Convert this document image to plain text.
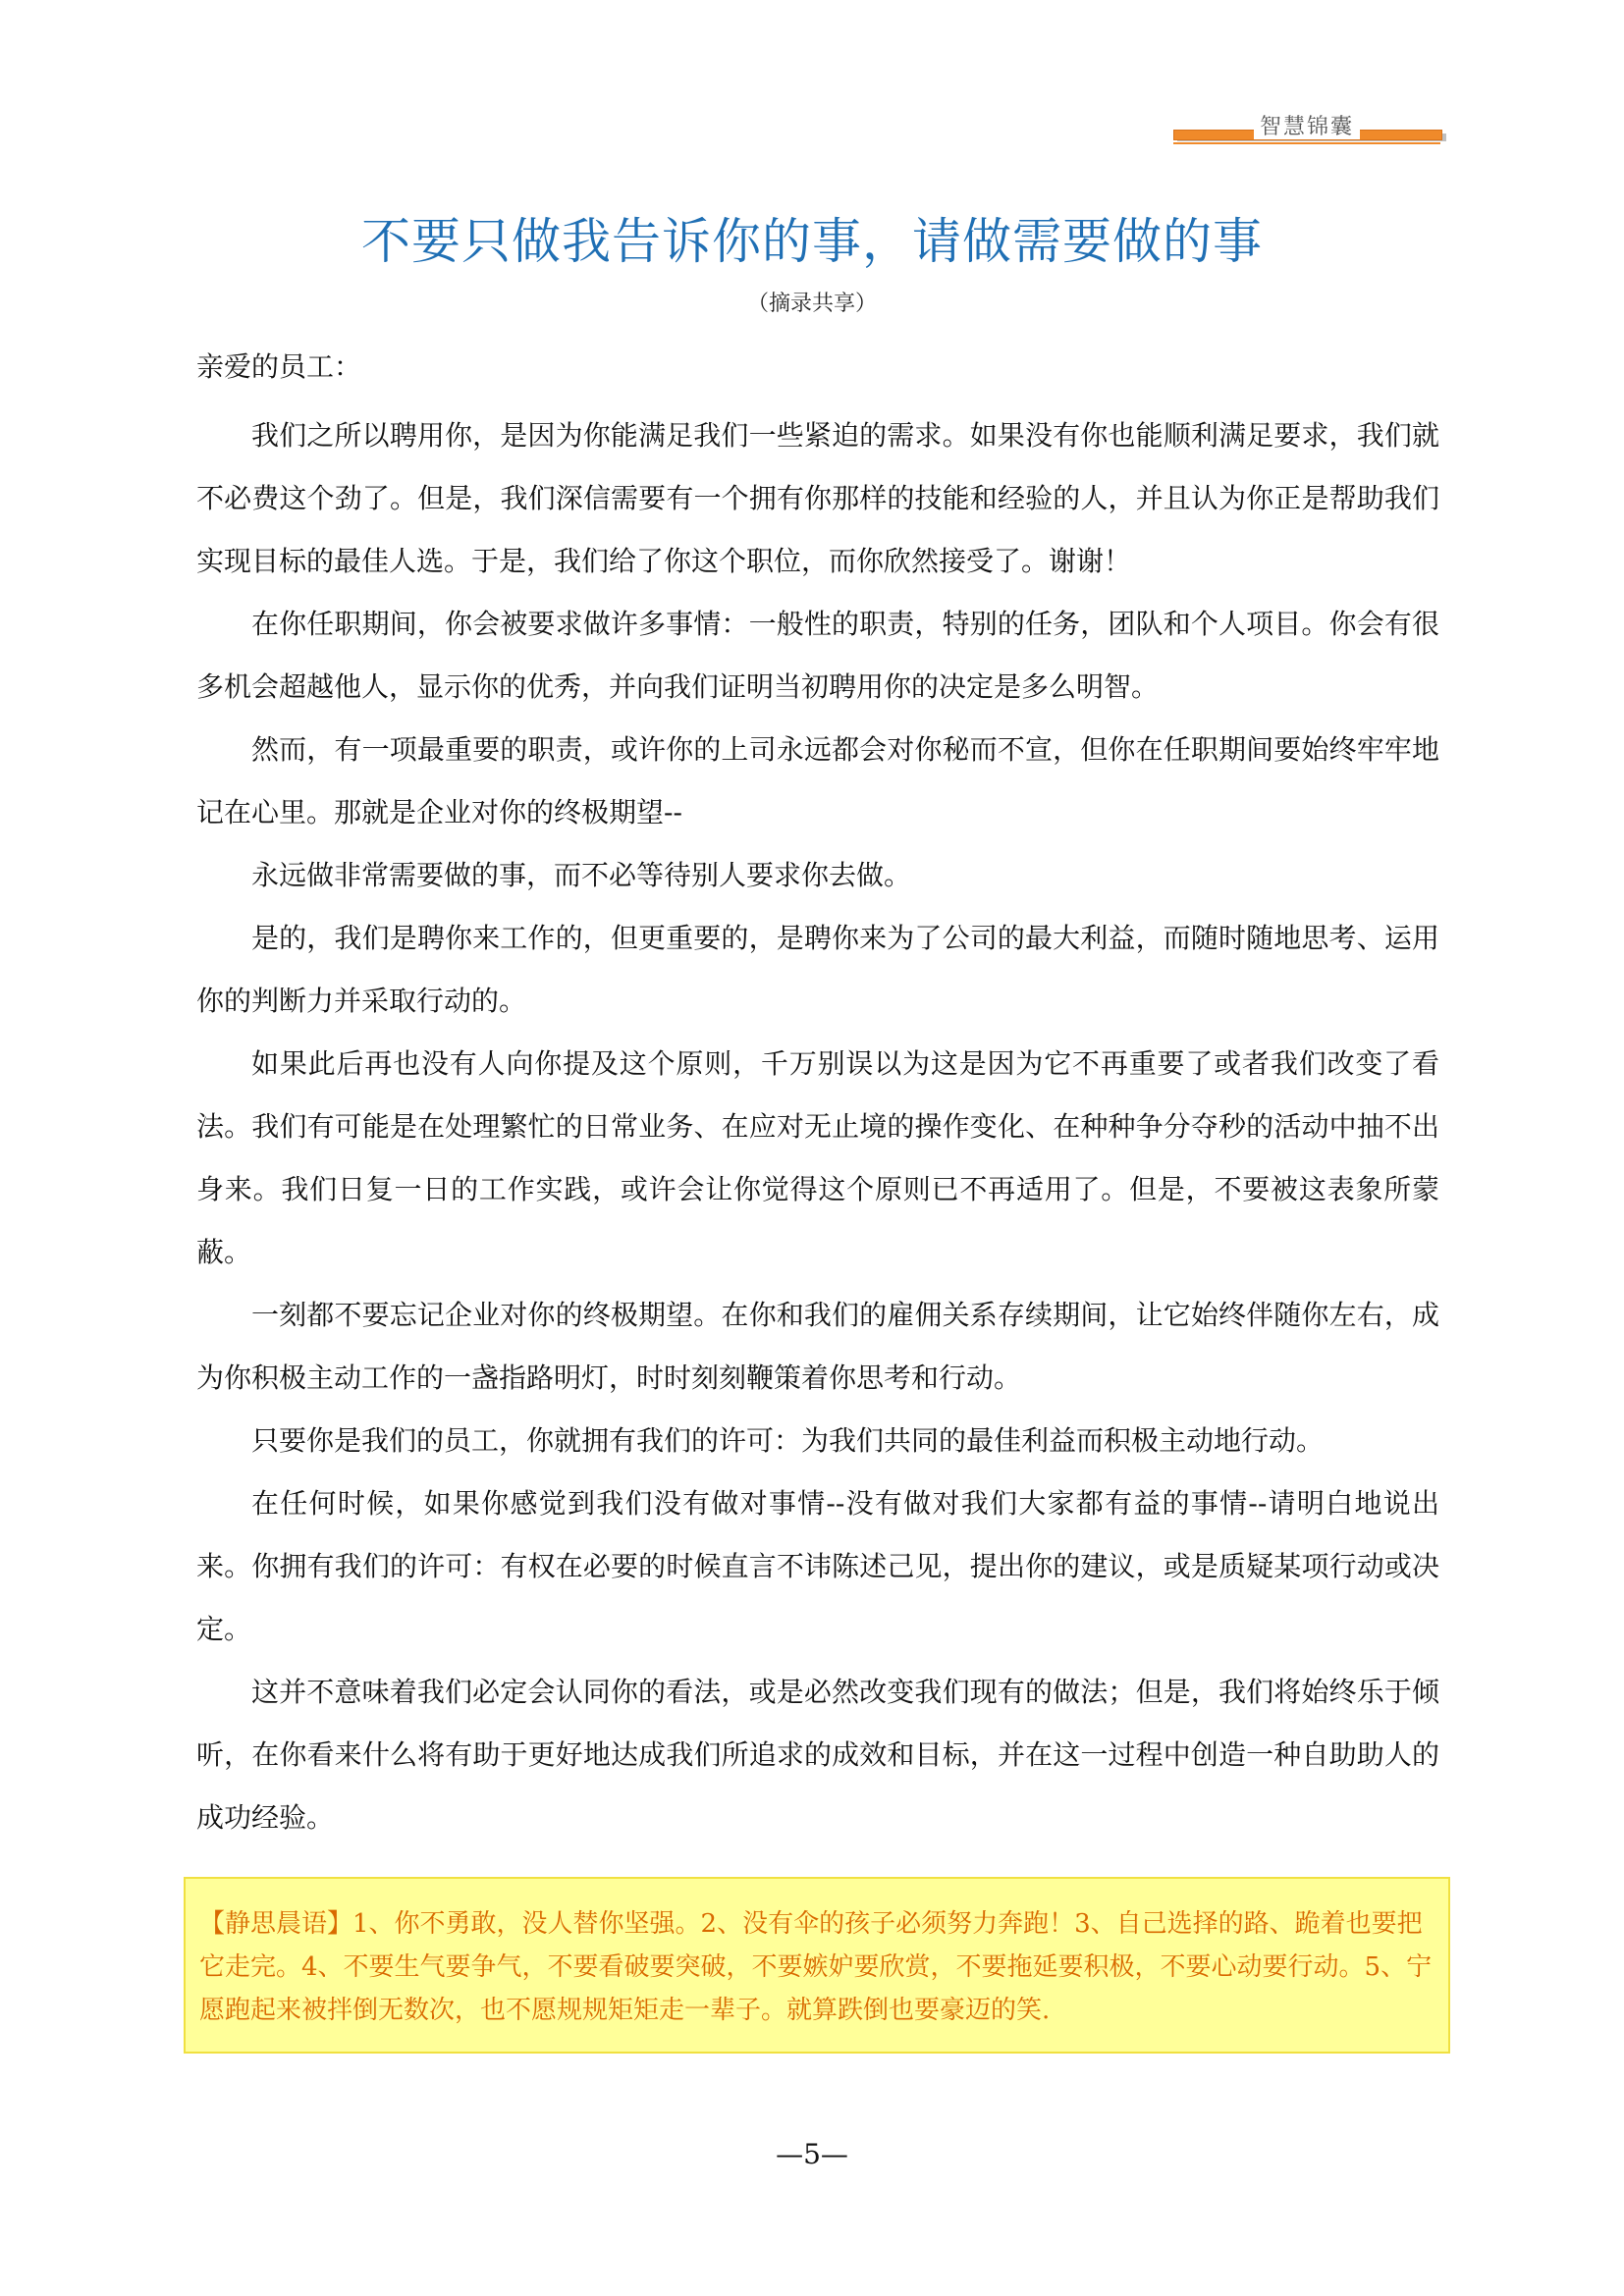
智慧锦囊
不要只做我告诉你的事，请做需要做的事
（摘录共享）
亲爱的员工：

我们之所以聘用你，是因为你能满足我们一些紧迫的需求。如果没有你也能顺利满足要求，我们就不必费这个劲了。但是，我们深信需要有一个拥有你那样的技能和经验的人，并且认为你正是帮助我们实现目标的最佳人选。于是，我们给了你这个职位，而你欣然接受了。谢谢！

在你任职期间，你会被要求做许多事情：一般性的职责，特别的任务，团队和个人项目。你会有很多机会超越他人，显示你的优秀，并向我们证明当初聘用你的决定是多么明智。

然而，有一项最重要的职责，或许你的上司永远都会对你秘而不宣，但你在任职期间要始终牢牢地记在心里。那就是企业对你的终极期望--

永远做非常需要做的事，而不必等待别人要求你去做。

是的，我们是聘你来工作的，但更重要的，是聘你来为了公司的最大利益，而随时随地思考、运用你的判断力并采取行动的。

如果此后再也没有人向你提及这个原则，千万别误以为这是因为它不再重要了或者我们改变了看法。我们有可能是在处理繁忙的日常业务、在应对无止境的操作变化、在种种争分夺秒的活动中抽不出身来。我们日复一日的工作实践，或许会让你觉得这个原则已不再适用了。但是，不要被这表象所蒙蔽。

一刻都不要忘记企业对你的终极期望。在你和我们的雇佣关系存续期间，让它始终伴随你左右，成为你积极主动工作的一盏指路明灯，时时刻刻鞭策着你思考和行动。

只要你是我们的员工，你就拥有我们的许可：为我们共同的最佳利益而积极主动地行动。

在任何时候，如果你感觉到我们没有做对事情--没有做对我们大家都有益的事情--请明白地说出来。你拥有我们的许可：有权在必要的时候直言不讳陈述己见，提出你的建议，或是质疑某项行动或决定。

这并不意味着我们必定会认同你的看法，或是必然改变我们现有的做法；但是，我们将始终乐于倾听，在你看来什么将有助于更好地达成我们所追求的成效和目标，并在这一过程中创造一种自助助人的成功经验。

【静思晨语】1、你不勇敢，没人替你坚强。2、没有伞的孩子必须努力奔跑！3、自己选择的路、跪着也要把它走完。4、不要生气要争气，不要看破要突破，不要嫉妒要欣赏，不要拖延要积极，不要心动要行动。5、宁愿跑起来被拌倒无数次，也不愿规规矩矩走一辈子。就算跌倒也要豪迈的笑.

—5—
